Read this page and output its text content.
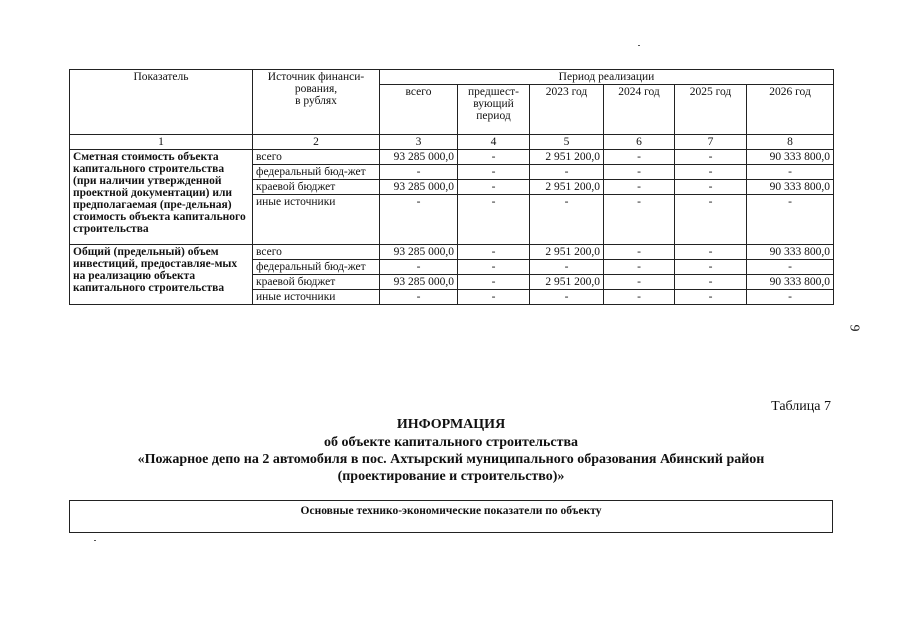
Показатель	Источник финанси-
рования,
в рублях	Период реализации					
		всего	предшест-
вующий
период	2023 год	2024 год	2025 год	2026 год
1	2	3	4	5	6	7	8
Сметная стоимость объекта капитального строительства (при наличии утвержденной проектной документации) или предполагаемая (пре-дельная) стоимость объекта капитального строительства	всего	93 285 000,0	-	2 951 200,0	-	-	90 333 800,0
	федеральный бюд-жет	-	-	-	-	-	-
	краевой бюджет	93 285 000,0	-	2 951 200,0	-	-	90 333 800,0
	иные источники	-	-	-	-	-	-
Общий (предельный) объем инвестиций, предоставляе-мых на реализацию объекта капитального строительства	всего	93 285 000,0	-	2 951 200,0	-	-	90 333 800,0
	федеральный бюд-жет	-	-	-	-	-	-
	краевой бюджет	93 285 000,0	-	2 951 200,0	-	-	90 333 800,0
	иные источники	-	-	-	-	-	-
9
Таблица 7
ИНФОРМАЦИЯ
об объекте капитального строительства
«Пожарное депо на 2 автомобиля в пос. Ахтырский муниципального образования Абинский район
(проектирование и строительство)»
Основные технико-экономические показатели по объекту
